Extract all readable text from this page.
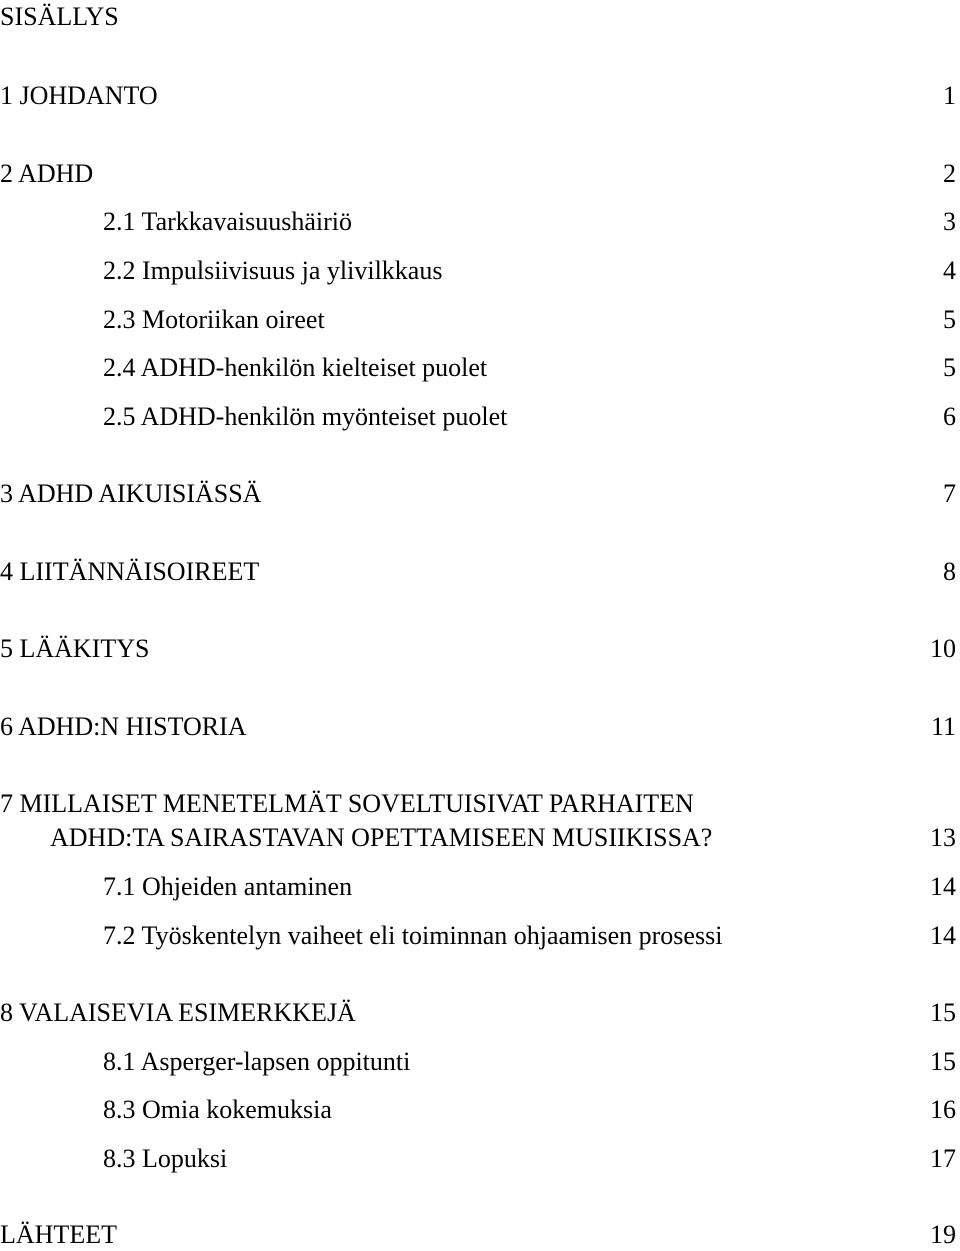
SISÄLLYS
1 JOHDANTO	1
2 ADHD	2
2.1 Tarkkavaisuushäiriö	3
2.2 Impulsiivisuus ja ylivilkkaus	4
2.3 Motoriikan oireet	5
2.4 ADHD-henkilön kielteiset puolet	5
2.5 ADHD-henkilön myönteiset puolet	6
3 ADHD AIKUISIÄSSÄ	7
4 LIITÄNNÄISOIREET	8
5 LÄÄKITYS	10
6 ADHD:N HISTORIA	11
7 MILLAISET MENETELMÄT SOVELTUISIVAT PARHAITEN
ADHD:TA SAIRASTAVAN OPETTAMISEEN MUSIIKISSA?	13
7.1 Ohjeiden antaminen	14
7.2 Työskentelyn vaiheet eli toiminnan ohjaamisen prosessi	14
8 VALAISEVIA ESIMERKKEJÄ	15
8.1 Asperger-lapsen oppitunti	15
8.3 Omia kokemuksia	16
8.3 Lopuksi	17
LÄHTEET	19
